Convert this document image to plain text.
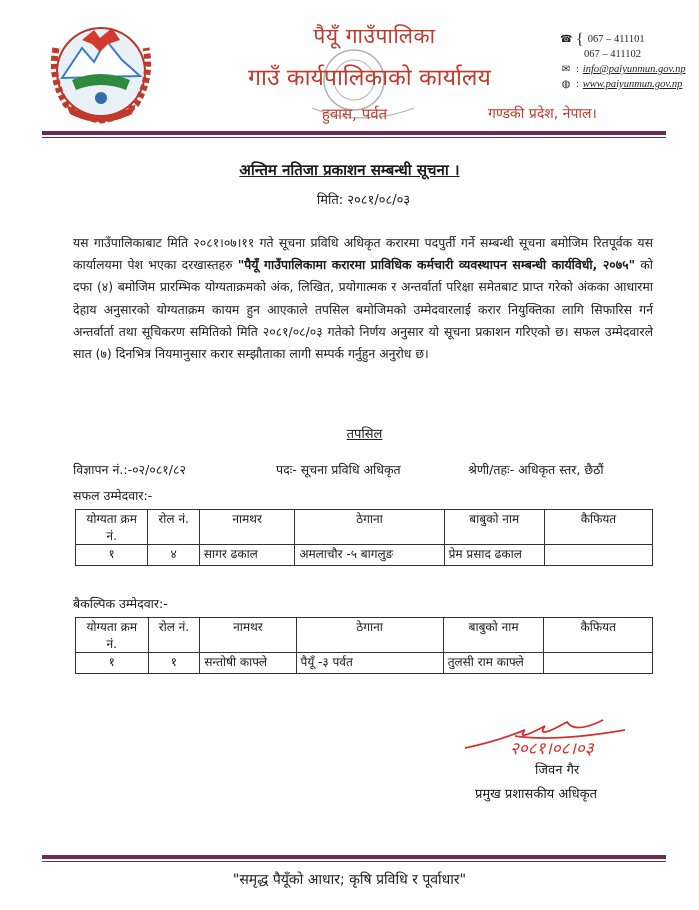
पैयूँ गाउँपालिका
गाउँ कार्यपालिकाको कार्यालय
हुवास, पर्वत	गण्डकी प्रदेश, नेपाल।
☎ { 067 – 411101
067 – 411102
✉ : info@paiyunmun.gov.np
◍ : www.paiyunmun.gov.np
अन्तिम नतिजा प्रकाशन सम्बन्धी सूचना ।
मिति: २०८१/०८/०३
यस गाउँपालिकाबाट मिति २०८१।०७।११ गते सूचना प्रविधि अधिकृत करारमा पदपुर्ती गर्ने सम्बन्धी सूचना बमोजिम रितपूर्वक यस कार्यालयमा पेश भएका दरखास्तहरु "पैयूँ गाउँपालिकामा करारमा प्राविधिक कर्मचारी व्यवस्थापन सम्बन्धी कार्यविधी, २०७५" को दफा (४) बमोजिम प्रारम्भिक योग्यताक्रमको अंक, लिखित, प्रयोगात्मक र अन्तर्वार्ता परिक्षा समेतबाट प्राप्त गरेको अंकका आधारमा देहाय अनुसारको योग्यताक्रम कायम हुन आएकाले तपसिल बमोजिमको उम्मेदवारलाई करार नियुक्तिका लागि सिफारिस गर्न अन्तर्वार्ता तथा सूचिकरण समितिको मिति २०८१/०८/०३ गतेको निर्णय अनुसार यो सूचना प्रकाशन गरिएको छ। सफल उम्मेदवारले सात (७) दिनभित्र नियमानुसार करार सम्झौताका लागी सम्पर्क गर्नुहुन अनुरोध छ।
तपसिल
विज्ञापन नं.:-०२/०८१/८२	पदः- सूचना प्रविधि अधिकृत	श्रेणी/तहः- अधिकृत स्तर, छैठौं
सफल उम्मेदवार:-
योग्यता क्रम नं.	रोल नं.	नामथर	ठेगाना	बाबुको नाम	कैफियत
१	४	सागर ढकाल	अमलाचौर -५ बागलुङ	प्रेम प्रसाद ढकाल	
बैकल्पिक उम्मेदवार:-
योग्यता क्रम नं.	रोल नं.	नामथर	ठेगाना	बाबुको नाम	कैफियत
१	१	सन्तोषी काफ्ले	पैयूँ -३ पर्वत	तुलसी राम काफ्ले	
२०८१।०८।०३
जिवन गैर
प्रमुख प्रशासकीय अधिकृत
"समृद्ध पैयूँको आधार; कृषि प्रविधि र पूर्वाधार"
